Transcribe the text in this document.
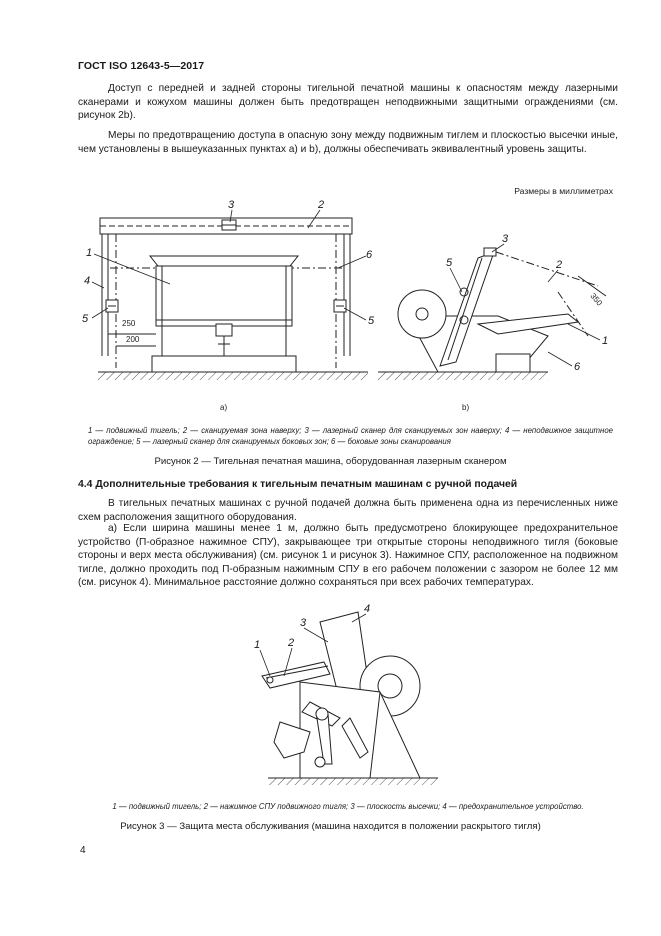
ГОСТ ISO 12643-5—2017

Доступ с передней и задней стороны тигельной печатной машины к опасностям между лазерными сканерами и кожухом машины должен быть предотвращен неподвижными защитными ограждениями (см. рисунок 2b).

Меры по предотвращению доступа в опасную зону между подвижным тиглем и плоскостью высечки иные, чем установлены в вышеуказанных пунктах а) и b), должны обеспечивать эквивалентный уровень защиты.

Размеры в миллиметрах
3	2
1
4
5	5
6
250
200
a)
3
2
5
1
6
350
b)
1 — подвижный тигель; 2 — сканируемая зона наверху; 3 — лазерный сканер для сканируемых зон наверху; 4 — неподвижное защитное ограждение; 5 — лазерный сканер для сканируемых боковых зон; 6 — боковые зоны сканирования
Рисунок 2 — Тигельная печатная машина, оборудованная лазерным сканером
4.4 Дополнительные требования к тигельным печатным машинам с ручной подачей

В тигельных печатных машинах с ручной подачей должна быть применена одна из перечисленных ниже схем расположения защитного оборудования.

а) Если ширина машины менее 1 м, должно быть предусмотрено блокирующее предохранительное устройство (П-образное нажимное СПУ), закрывающее три открытые стороны неподвижного тигля (боковые стороны и верх места обслуживания) (см. рисунок 1 и рисунок 3). Нажимное СПУ, расположенное на подвижном тигле, должно проходить под П-образным нажимным СПУ в его рабочем положении с зазором не более 12 мм (см. рисунок 4). Минимальное расстояние должно сохраняться при всех рабочих температурах.

1	2
3
4
1 — подвижный тигель; 2 — нажимное СПУ подвижного тигля; 3 — плоскость высечки; 4 — предохранительное устройство.
Рисунок 3 — Защита места обслуживания (машина находится в положении раскрытого тигля)
4
